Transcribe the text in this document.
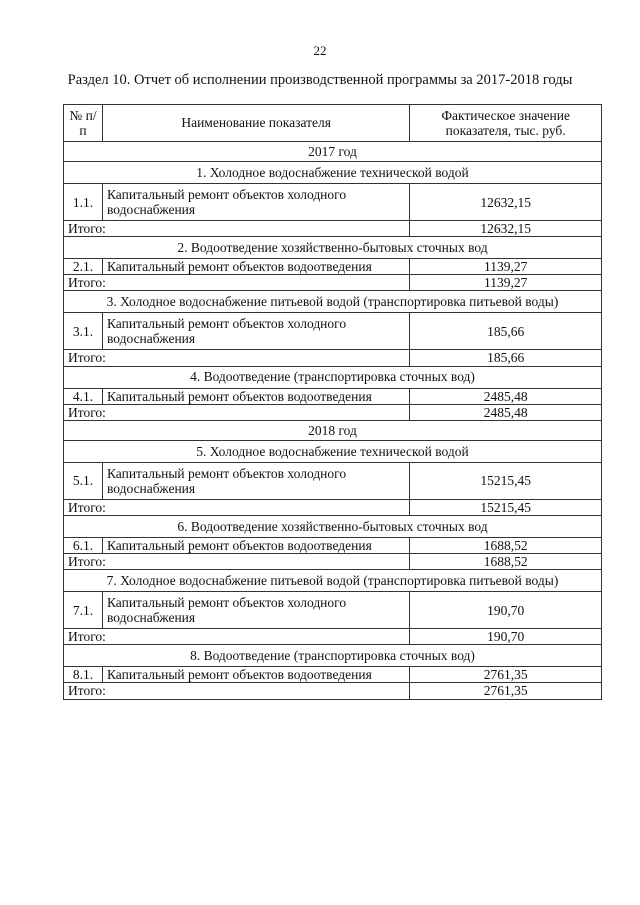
22
Раздел 10. Отчет об исполнении производственной программы за 2017-2018 годы
№ п/п	Наименование показателя	Фактическое значение показателя, тыс. руб.
2017 год		
1. Холодное водоснабжение технической водой		
1.1.	Капитальный ремонт объектов холодного водоснабжения	12632,15
Итого:		12632,15
2. Водоотведение хозяйственно-бытовых сточных вод		
2.1.	Капитальный ремонт объектов водоотведения	1139,27
Итого:		1139,27
3. Холодное водоснабжение питьевой водой (транспортировка питьевой воды)		
3.1.	Капитальный ремонт объектов холодного водоснабжения	185,66
Итого:		185,66
4. Водоотведение (транспортировка сточных вод)		
4.1.	Капитальный ремонт объектов водоотведения	2485,48
Итого:		2485,48
2018 год		
5. Холодное водоснабжение технической водой		
5.1.	Капитальный ремонт объектов холодного водоснабжения	15215,45
Итого:		15215,45
6. Водоотведение хозяйственно-бытовых сточных вод		
6.1.	Капитальный ремонт объектов водоотведения	1688,52
Итого:		1688,52
7. Холодное водоснабжение питьевой водой (транспортировка питьевой воды)		
7.1.	Капитальный ремонт объектов холодного водоснабжения	190,70
Итого:		190,70
8. Водоотведение (транспортировка сточных вод)		
8.1.	Капитальный ремонт объектов водоотведения	2761,35
Итого:		2761,35
